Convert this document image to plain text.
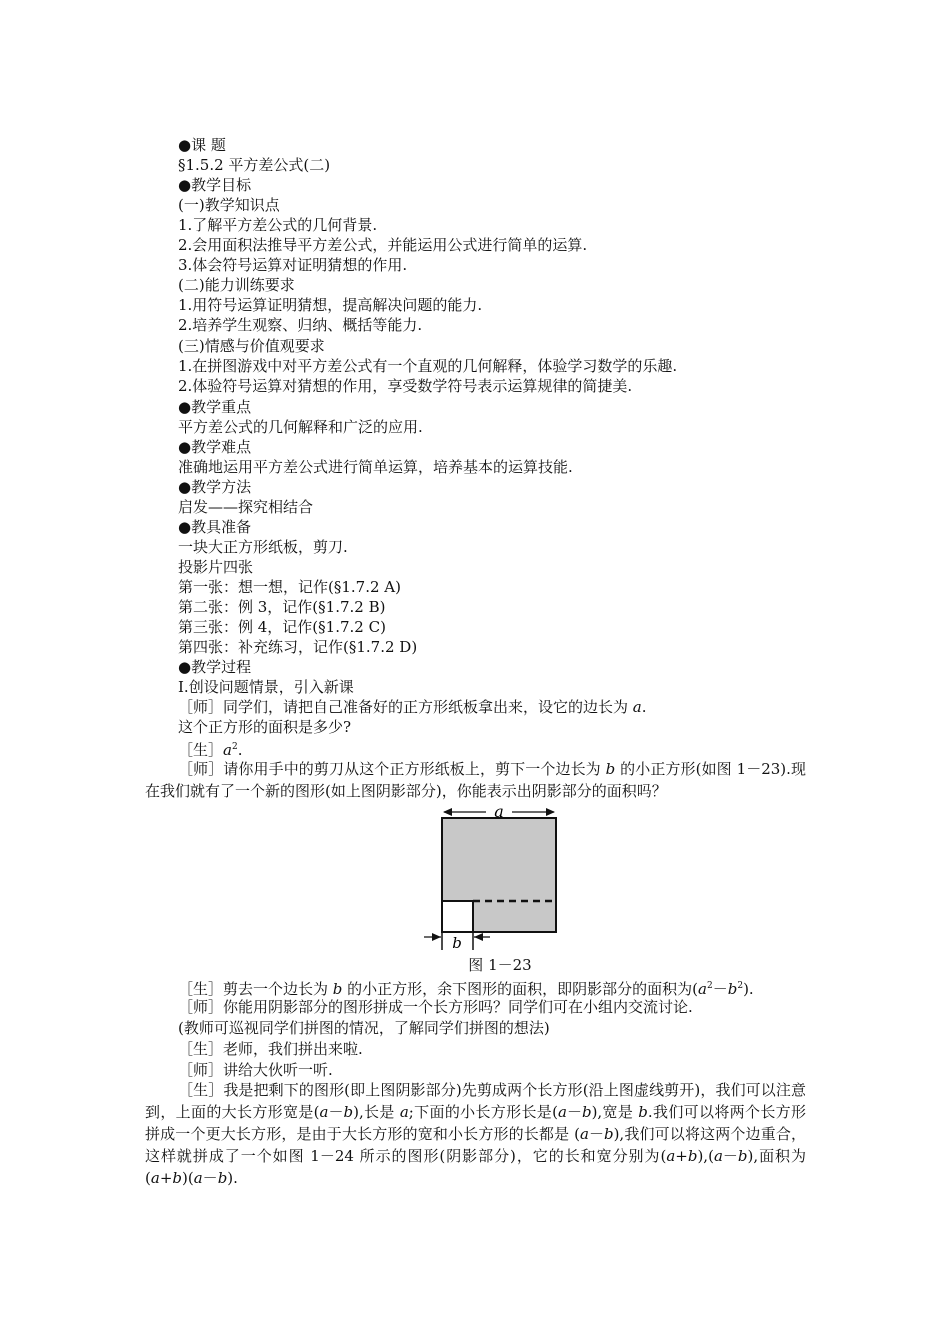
●课 题
§1.5.2 平方差公式(二)
●教学目标
(一)教学知识点
1.了解平方差公式的几何背景.
2.会用面积法推导平方差公式，并能运用公式进行简单的运算.
3.体会符号运算对证明猜想的作用.
(二)能力训练要求
1.用符号运算证明猜想，提高解决问题的能力.
2.培养学生观察、归纳、概括等能力.
(三)情感与价值观要求
1.在拼图游戏中对平方差公式有一个直观的几何解释，体验学习数学的乐趣.
2.体验符号运算对猜想的作用，享受数学符号表示运算规律的简捷美.
●教学重点
平方差公式的几何解释和广泛的应用.
●教学难点
准确地运用平方差公式进行简单运算，培养基本的运算技能.
●教学方法
启发——探究相结合
●教具准备
一块大正方形纸板，剪刀.
投影片四张
第一张：想一想，记作(§1.7.2 A)
第二张：例 3，记作(§1.7.2 B)
第三张：例 4，记作(§1.7.2 C)
第四张：补充练习，记作(§1.7.2 D)
●教学过程
Ⅰ.创设问题情景，引入新课
［师］同学们，请把自己准备好的正方形纸板拿出来，设它的边长为 a.
这个正方形的面积是多少?
［生$]a^2$.
［师］请你用手中的剪刀从这个正方形纸板上，剪下一个边长为 b 的小正方形(如图 1－23).现在我们就有了一个新的图形(如上图阴影部分)，你能表示出阴影部分的面积吗？
a
b
图 1－23
［生］剪去一个边长为 b 的小正方形，余下图形的面积，即阴影部分的面积为$(a^2-b^2)$.
［师］你能用阴影部分的图形拼成一个长方形吗？同学们可在小组内交流讨论.
(教师可巡视同学们拼图的情况，了解同学们拼图的想法)
［生］老师，我们拼出来啦.
［师］讲给大伙听一听.
［生］我是把剩下的图形(即上图阴影部分)先剪成两个长方形(沿上图虚线剪开)，我们可以注意到，上面的大长方形宽是(a－b),长是 a;下面的小长方形长是(a－b),宽是 b.我们可以将两个长方形拼成一个更大长方形，是由于大长方形的宽和小长方形的长都是 (a－b),我们可以将这两个边重合，这样就拼成了一个如图 1－24 所示的图形(阴影部分)，它的长和宽分别为(a+b),(a－b),面积为(a+b)(a－b).
